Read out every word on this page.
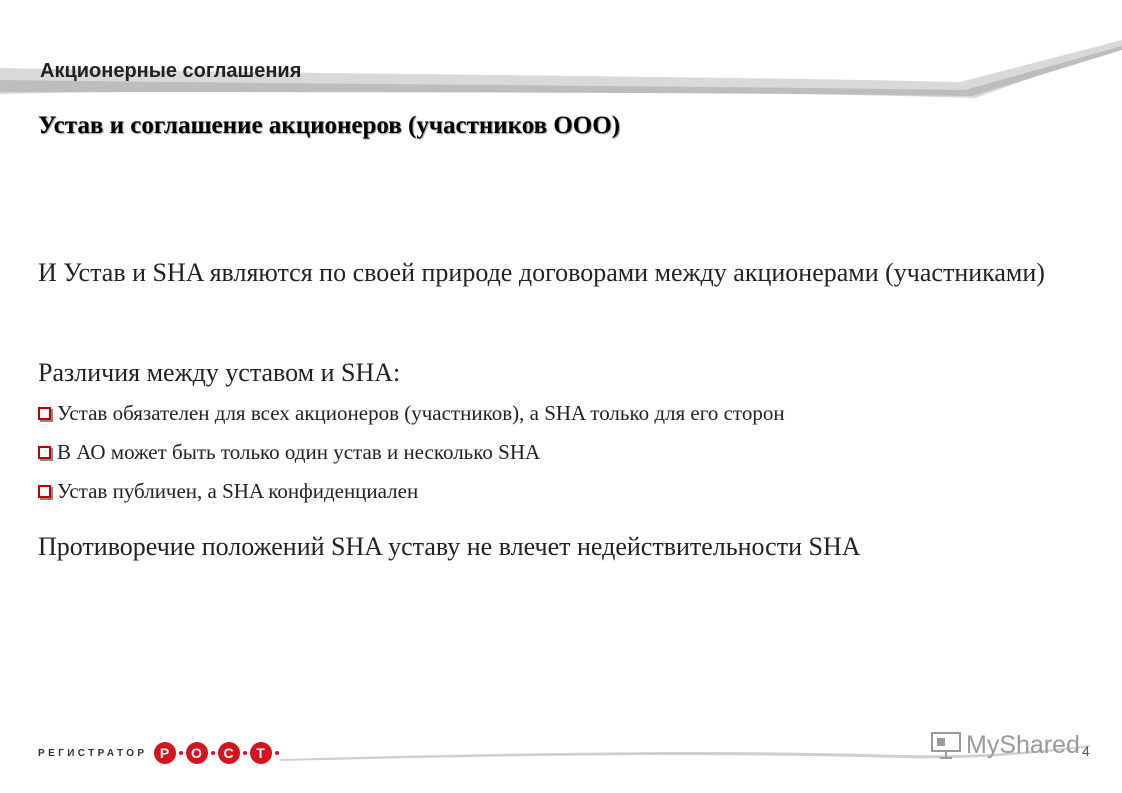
Акционерные соглашения
Устав и соглашение акционеров (участников ООО)
И Устав и SHA являются по своей природе договорами между акционерами (участниками)
Различия между уставом и SHA:
Устав обязателен для всех акционеров (участников), а SHA только для его сторон
В АО может быть только один устав и несколько SHA
Устав публичен, а SHA конфиденциален
Противоречие положений SHA уставу не влечет недействительности SHA
РЕГИСТРАТОР Р	О	С	Т	MyShared 4
